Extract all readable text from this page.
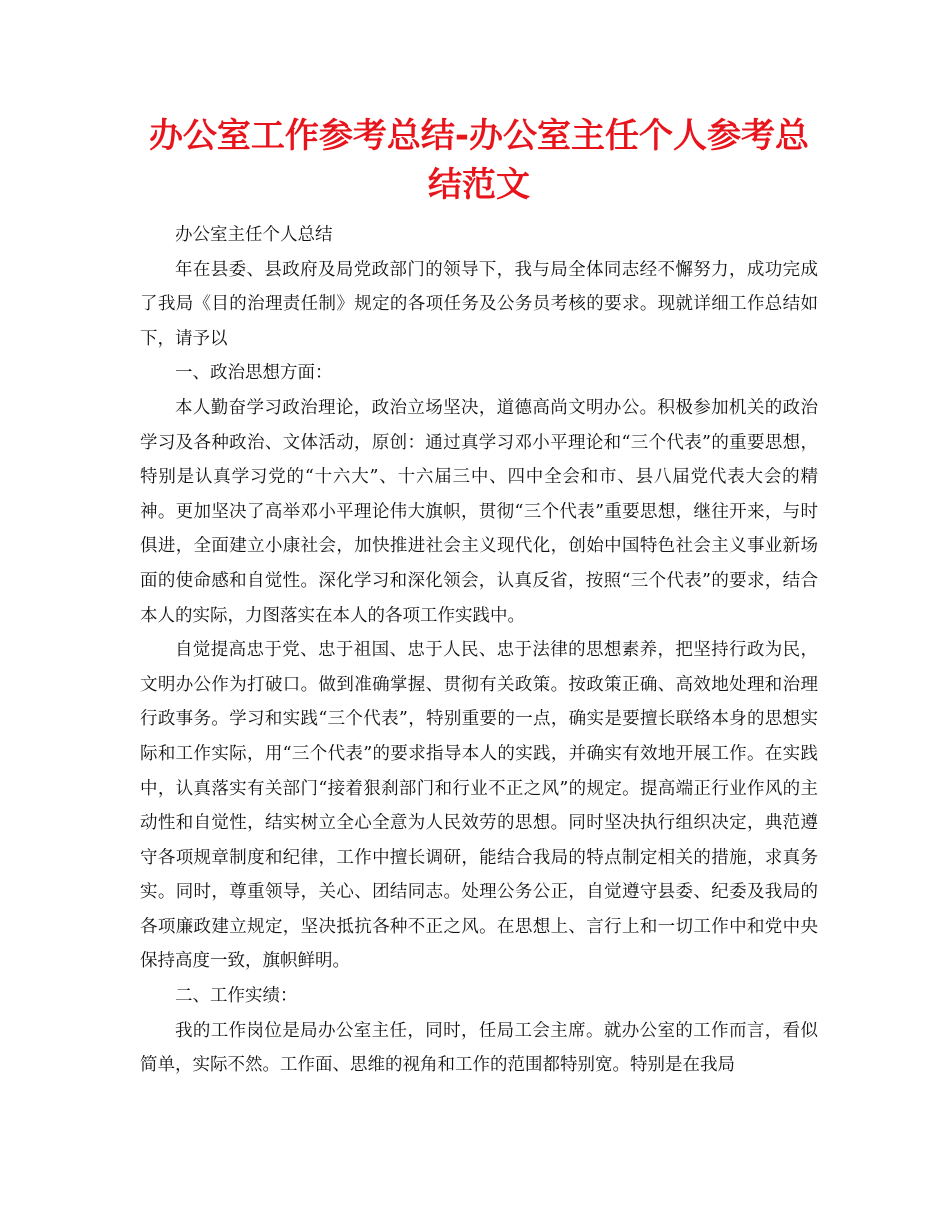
办公室工作参考总结-办公室主任个人参考总结范文
办公室主任个人总结

年在县委、县政府及局党政部门的领导下，我与局全体同志经不懈努力，成功完成了我局《目的治理责任制》规定的各项任务及公务员考核的要求。现就详细工作总结如下，请予以

一、政治思想方面：

本人勤奋学习政治理论，政治立场坚决，道德高尚文明办公。积极参加机关的政治学习及各种政治、文体活动，原创：通过真学习邓小平理论和“三个代表”的重要思想，特别是认真学习党的“十六大”、十六届三中、四中全会和市、县八届党代表大会的精神。更加坚决了高举邓小平理论伟大旗帜，贯彻“三个代表”重要思想，继往开来，与时俱进，全面建立小康社会，加快推进社会主义现代化，创始中国特色社会主义事业新场面的使命感和自觉性。深化学习和深化领会，认真反省，按照“三个代表”的要求，结合本人的实际，力图落实在本人的各项工作实践中。

自觉提高忠于党、忠于祖国、忠于人民、忠于法律的思想素养，把坚持行政为民，文明办公作为打破口。做到准确掌握、贯彻有关政策。按政策正确、高效地处理和治理行政事务。学习和实践“三个代表”，特别重要的一点，确实是要擅长联络本身的思想实际和工作实际，用“三个代表”的要求指导本人的实践，并确实有效地开展工作。在实践中，认真落实有关部门“接着狠刹部门和行业不正之风”的规定。提高端正行业作风的主动性和自觉性，结实树立全心全意为人民效劳的思想。同时坚决执行组织决定，典范遵守各项规章制度和纪律，工作中擅长调研，能结合我局的特点制定相关的措施，求真务实。同时，尊重领导，关心、团结同志。处理公务公正，自觉遵守县委、纪委及我局的各项廉政建立规定，坚决抵抗各种不正之风。在思想上、言行上和一切工作中和党中央保持高度一致，旗帜鲜明。

二、工作实绩：

我的工作岗位是局办公室主任，同时，任局工会主席。就办公室的工作而言，看似简单，实际不然。工作面、思维的视角和工作的范围都特别宽。特别是在我局
